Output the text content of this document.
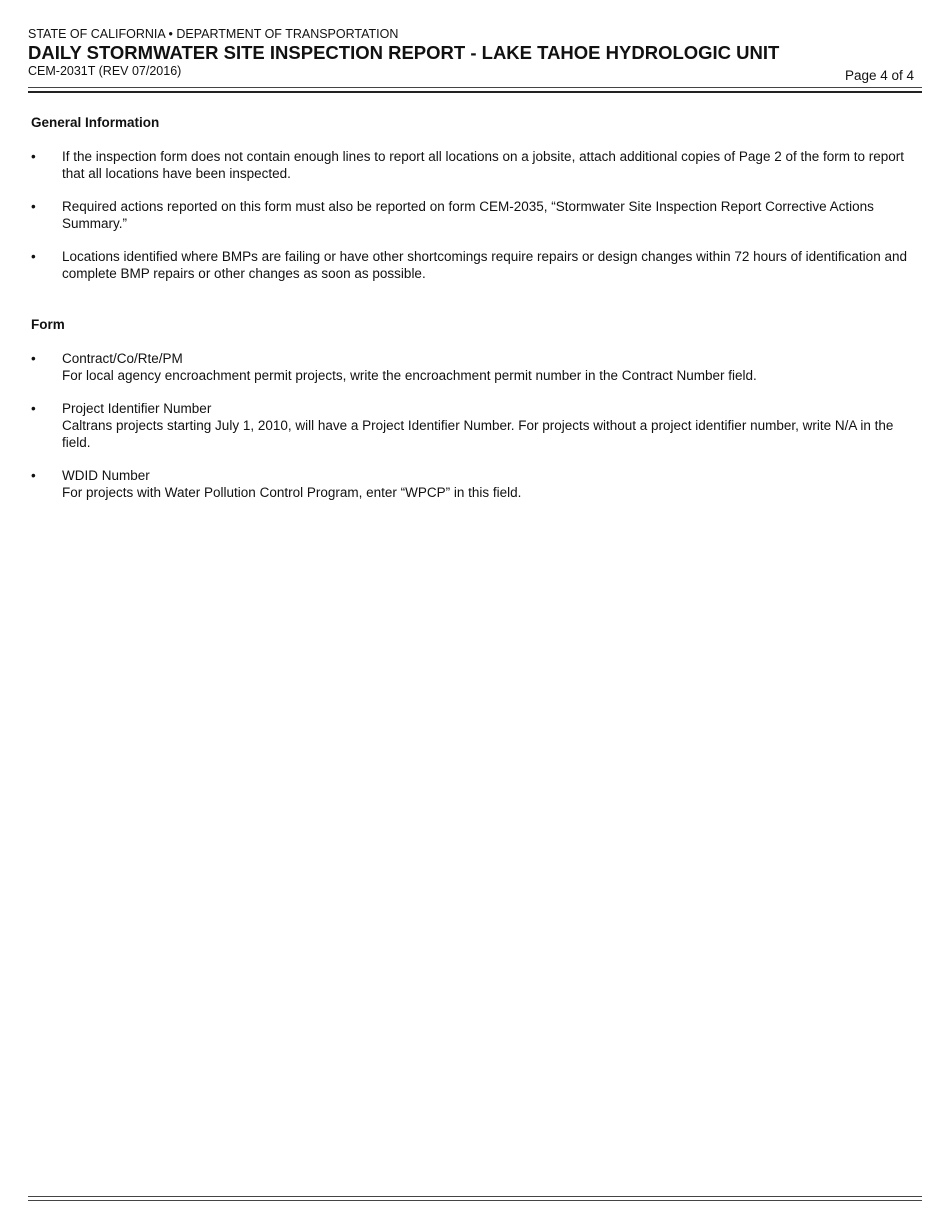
STATE OF CALIFORNIA • DEPARTMENT OF TRANSPORTATION
DAILY STORMWATER SITE INSPECTION REPORT - LAKE TAHOE HYDROLOGIC UNIT
CEM-2031T (REV 07/2016)	Page 4 of 4
General Information
•	If the inspection form does not contain enough lines to report all locations on a jobsite, attach additional copies of Page 2 of the form to report that all locations have been inspected.
•	Required actions reported on this form must also be reported on form CEM-2035, “Stormwater Site Inspection Report Corrective Actions Summary.”
•	Locations identified where BMPs are failing or have other shortcomings require repairs or design changes within 72 hours of identification and complete BMP repairs or other changes as soon as possible.
Form
•	Contract/Co/Rte/PM
For local agency encroachment permit projects, write the encroachment permit number in the Contract Number field.
•	Project Identifier Number
Caltrans projects starting July 1, 2010, will have a Project Identifier Number. For projects without a project identifier number, write N/A in the field.
•	WDID Number
For projects with Water Pollution Control Program, enter “WPCP” in this field.
